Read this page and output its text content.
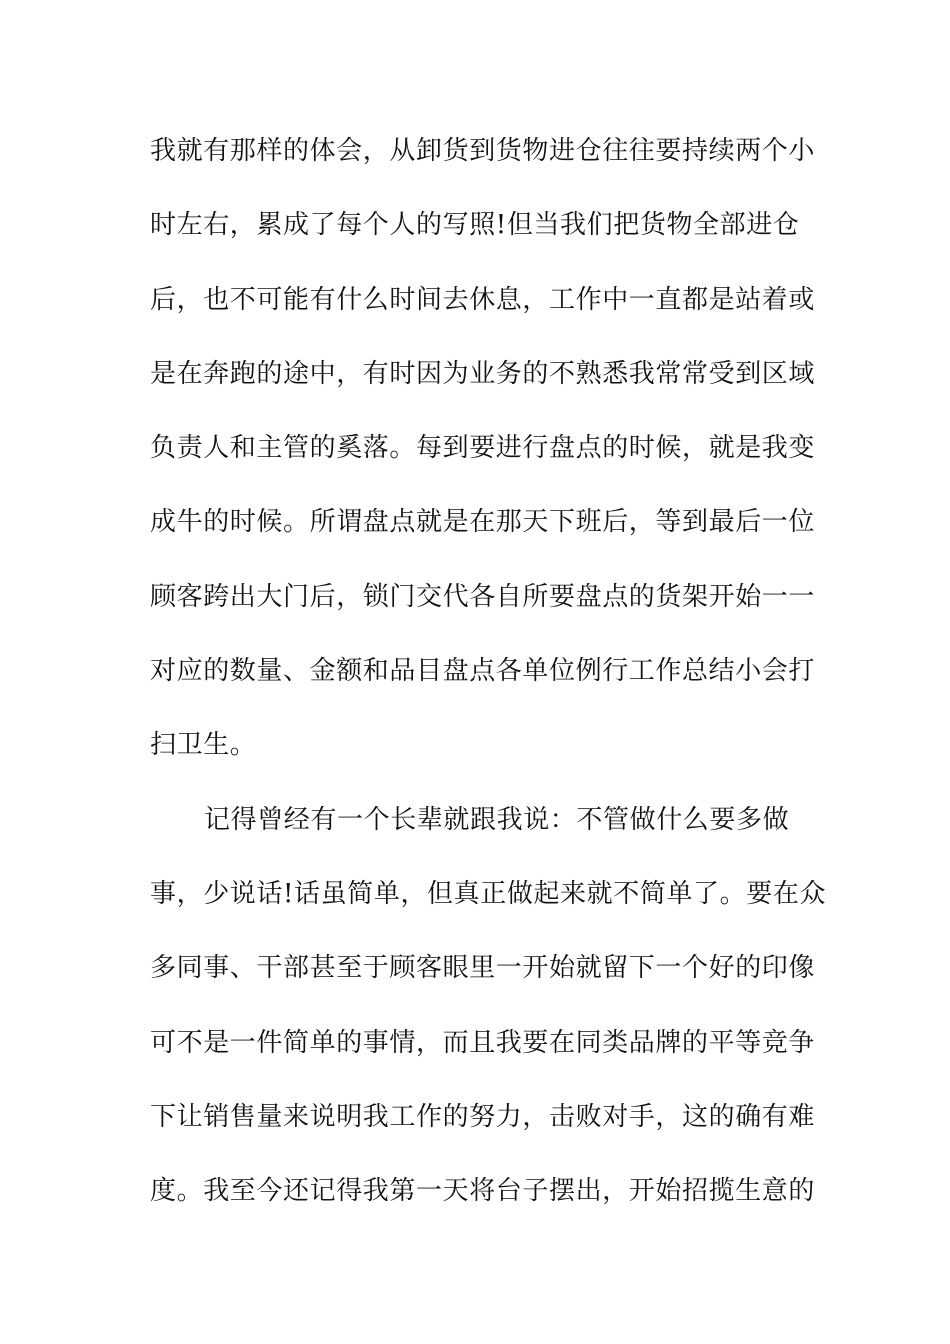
我就有那样的体会，从卸货到货物进仓往往要持续两个小
时左右，累成了每个人的写照!但当我们把货物全部进仓
后，也不可能有什么时间去休息，工作中一直都是站着或
是在奔跑的途中，有时因为业务的不熟悉我常常受到区域
负责人和主管的奚落。每到要进行盘点的时候，就是我变
成牛的时候。所谓盘点就是在那天下班后，等到最后一位
顾客跨出大门后，锁门交代各自所要盘点的货架开始一一
对应的数量、金额和品目盘点各单位例行工作总结小会打
扫卫生。
记得曾经有一个长辈就跟我说：不管做什么要多做
事，少说话!话虽简单，但真正做起来就不简单了。要在众
多同事、干部甚至于顾客眼里一开始就留下一个好的印像
可不是一件简单的事情，而且我要在同类品牌的平等竞争
下让销售量来说明我工作的努力，击败对手，这的确有难
度。我至今还记得我第一天将台子摆出，开始招揽生意的
